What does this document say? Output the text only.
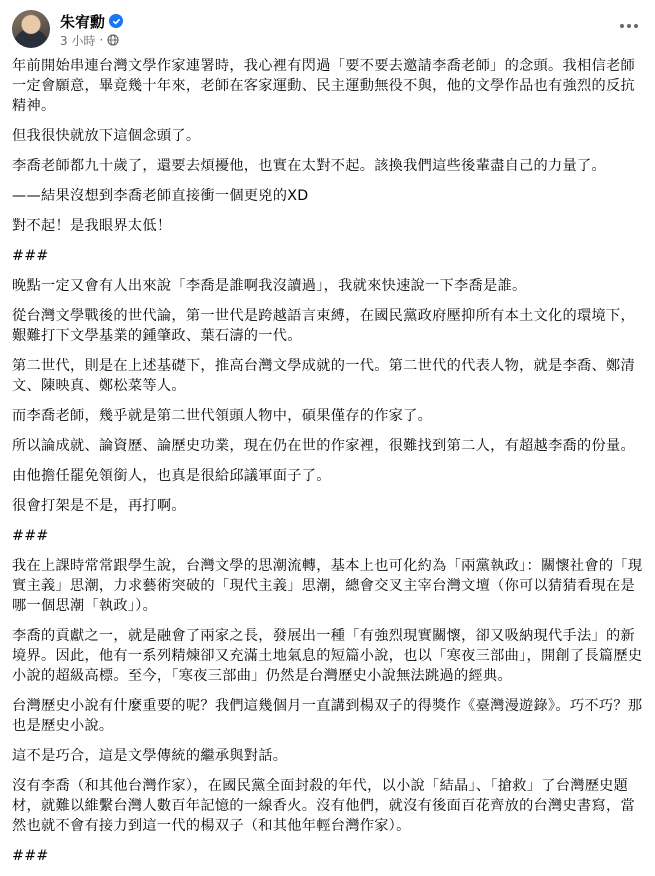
朱宥勳
3 小時 ·

年前開始串連台灣文學作家連署時，我心裡有閃過「要不要去邀請李喬老師」的念頭。我相信老師一定會願意，畢竟幾十年來，老師在客家運動、民主運動無役不與，他的文學作品也有強烈的反抗精神。

但我很快就放下這個念頭了。

李喬老師都九十歲了，還要去煩擾他，也實在太對不起。該換我們這些後輩盡自己的力量了。

——結果沒想到李喬老師直接衝一個更兇的XD

對不起！是我眼界太低！

###

晚點一定又會有人出來說「李喬是誰啊我沒讀過」，我就來快速說一下李喬是誰。

從台灣文學戰後的世代論，第一世代是跨越語言束縛，在國民黨政府壓抑所有本土文化的環境下，艱難打下文學基業的鍾肇政、葉石濤的一代。

第二世代，則是在上述基礎下，推高台灣文學成就的一代。第二世代的代表人物，就是李喬、鄭清文、陳映真、鄭松菜等人。

而李喬老師，幾乎就是第二世代領頭人物中，碩果僅存的作家了。

所以論成就、論資歷、論歷史功業，現在仍在世的作家裡，很難找到第二人，有超越李喬的份量。

由他擔任罷免領銜人，也真是很給邱議軍面子了。

很會打架是不是，再打啊。

###

我在上課時常常跟學生說，台灣文學的思潮流轉，基本上也可化約為「兩黨執政」：關懷社會的「現實主義」思潮，力求藝術突破的「現代主義」思潮，總會交叉主宰台灣文壇（你可以猜猜看現在是哪一個思潮「執政」）。

李喬的貢獻之一，就是融會了兩家之長，發展出一種「有強烈現實關懷，卻又吸納現代手法」的新境界。因此，他有一系列精煉卻又充滿土地氣息的短篇小說，也以「寒夜三部曲」，開創了長篇歷史小說的超級高標。至今，「寒夜三部曲」仍然是台灣歷史小說無法跳過的經典。

台灣歷史小說有什麼重要的呢？我們這幾個月一直講到楊双子的得獎作《臺灣漫遊錄》。巧不巧？那也是歷史小說。

這不是巧合，這是文學傳統的繼承與對話。

沒有李喬（和其他台灣作家），在國民黨全面封殺的年代，以小說「結晶」、「搶救」了台灣歷史題材，就難以維繫台灣人數百年記憶的一線香火。沒有他們，就沒有後面百花齊放的台灣史書寫，當然也就不會有接力到這一代的楊双子（和其他年輕台灣作家）。

###
